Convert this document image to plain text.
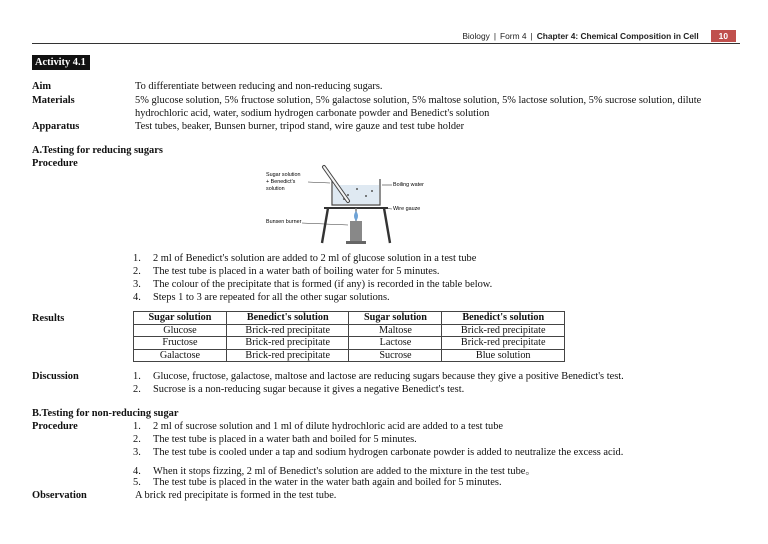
Biology | Form 4 | Chapter 4: Chemical Composition in Cell	10
Activity 4.1
Aim	To differentiate between reducing and non-reducing sugars.
Materials	5% glucose solution, 5% fructose solution, 5% galactose solution, 5% maltose solution, 5% lactose solution, 5% sucrose solution, dilute
hydrochloric acid, water, sodium hydrogen carbonate powder and Benedict's solution
Apparatus	Test tubes, beaker, Bunsen burner, tripod stand, wire gauze and test tube holder
A.Testing for reducing sugars
Procedure
Sugar solution
+ Benedict's
solution
Boiling water
Wire gauze
Bunsen burner
1. 2 ml of Benedict's solution are added to 2 ml of glucose solution in a test tube
2. The test tube is placed in a water bath of boiling water for 5 minutes.
3. The colour of the precipitate that is formed (if any) is recorded in the table below.
4. Steps 1 to 3 are repeated for all the other sugar solutions.
Results	Sugar solution	Benedict's solution	Sugar solution	Benedict's solution
Glucose	Brick-red precipitate	Maltose	Brick-red precipitate
Fructose	Brick-red precipitate	Lactose	Brick-red precipitate
Galactose	Brick-red precipitate	Sucrose	Blue solution
Discussion	1. Glucose, fructose, galactose, maltose and lactose are reducing sugars because they give a positive Benedict's test.
2. Sucrose is a non-reducing sugar because it gives a negative Benedict's test.
B.Testing for non-reducing sugar
Procedure	1. 2 ml of sucrose solution and 1 ml of dilute hydrochloric acid are added to a test tube
2. The test tube is placed in a water bath and boiled for 5 minutes.
3. The test tube is cooled under a tap and sodium hydrogen carbonate powder is added to neutralize the excess acid.
4. When it stops fizzing, 2 ml of Benedict's solution are added to the mixture in the test tube。
5. The test tube is placed in the water in the water bath again and boiled for 5 minutes.
Observation	A brick red precipitate is formed in the test tube.
